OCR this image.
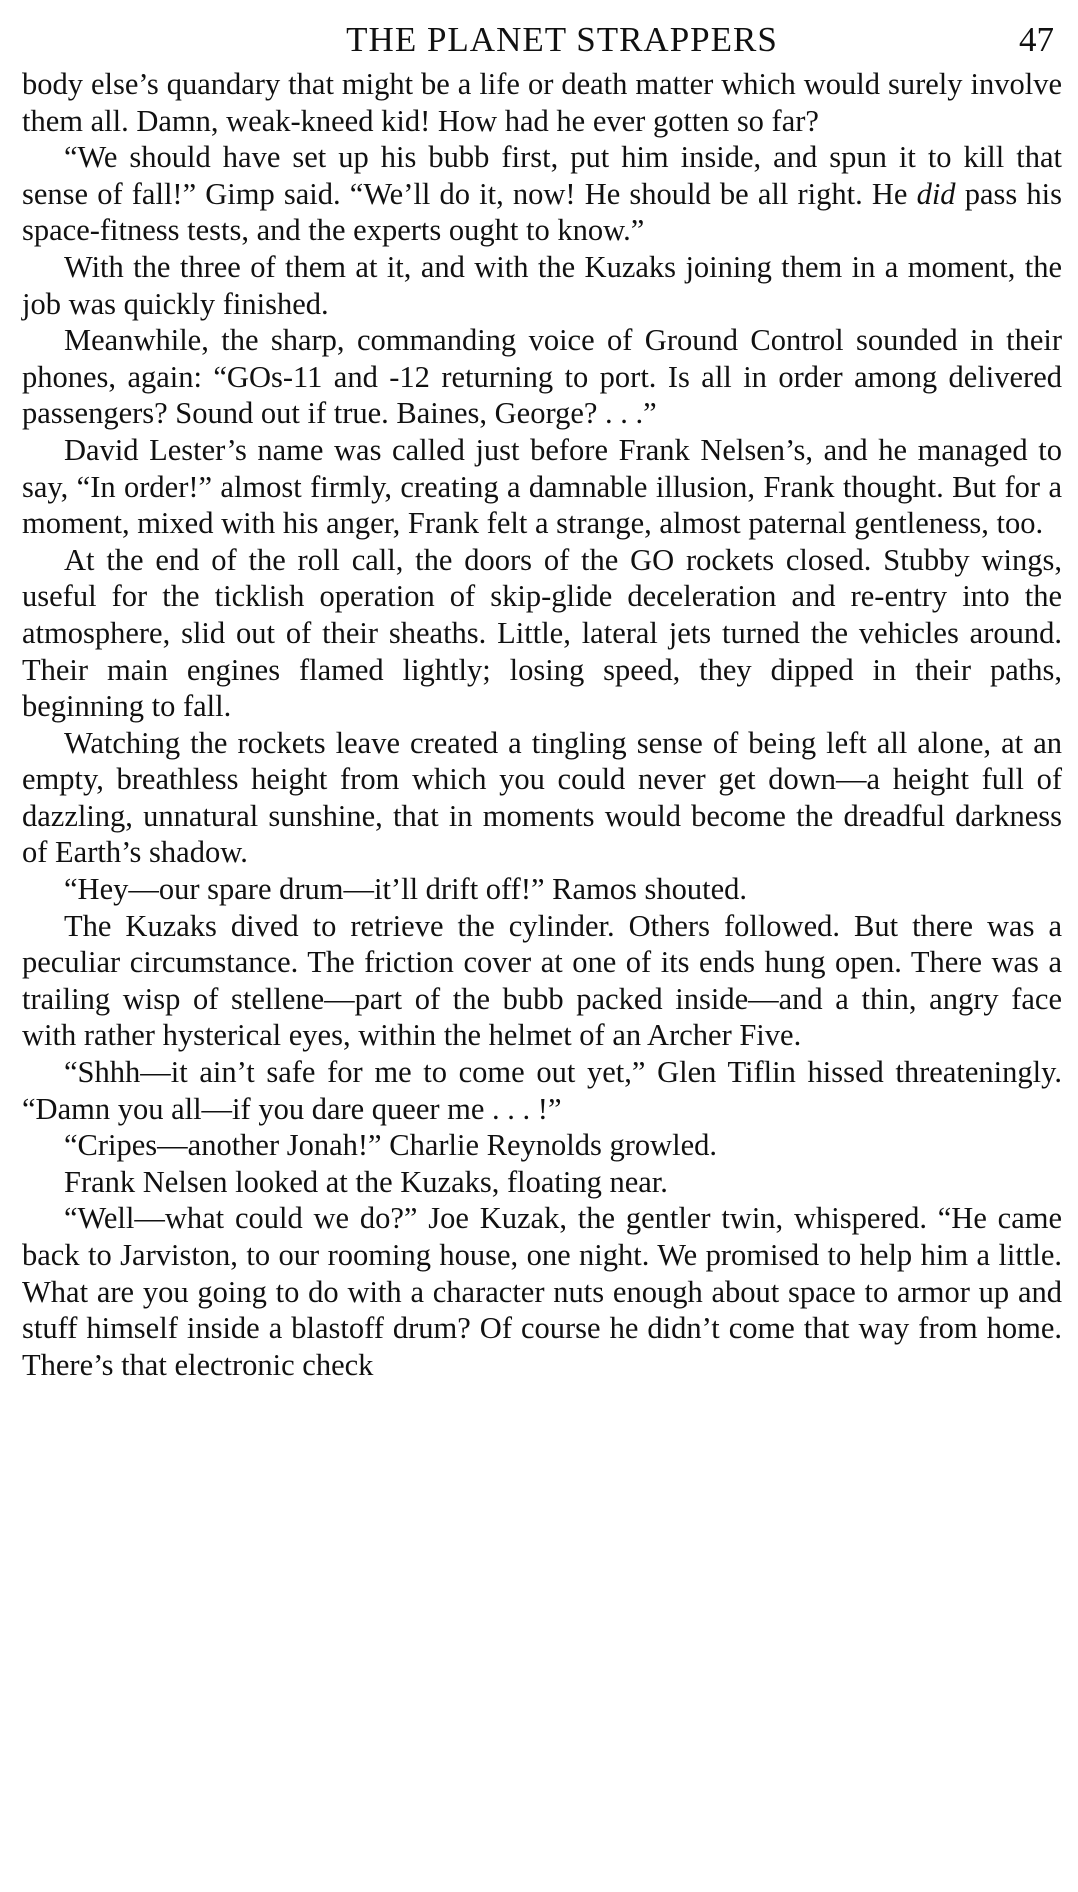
THE PLANET STRAPPERS	47

body else’s quandary that might be a life or death matter which would surely involve them all. Damn, weak-kneed kid! How had he ever gotten so far?

“We should have set up his bubb first, put him inside, and spun it to kill that sense of fall!” Gimp said. “We’ll do it, now! He should be all right. He did pass his space-fitness tests, and the experts ought to know.”

With the three of them at it, and with the Kuzaks joining them in a moment, the job was quickly finished.

Meanwhile, the sharp, commanding voice of Ground Control sounded in their phones, again: “GOs-11 and -12 returning to port. Is all in order among delivered passengers? Sound out if true. Baines, George? . . .”

David Lester’s name was called just before Frank Nelsen’s, and he managed to say, “In order!” almost firmly, creating a damnable illusion, Frank thought. But for a moment, mixed with his anger, Frank felt a strange, almost paternal gentleness, too.

At the end of the roll call, the doors of the GO rockets closed. Stubby wings, useful for the ticklish operation of skip-glide deceleration and re-entry into the atmosphere, slid out of their sheaths. Little, lateral jets turned the vehicles around. Their main engines flamed lightly; losing speed, they dipped in their paths, beginning to fall.

Watching the rockets leave created a tingling sense of being left all alone, at an empty, breathless height from which you could never get down—a height full of dazzling, unnatural sunshine, that in moments would become the dreadful darkness of Earth’s shadow.

“Hey—our spare drum—it’ll drift off!” Ramos shouted.

The Kuzaks dived to retrieve the cylinder. Others followed. But there was a peculiar circumstance. The friction cover at one of its ends hung open. There was a trailing wisp of stellene—part of the bubb packed inside—and a thin, angry face with rather hysterical eyes, within the helmet of an Archer Five.

“Shhh—it ain’t safe for me to come out yet,” Glen Tiflin hissed threateningly. “Damn you all—if you dare queer me . . . !”

“Cripes—another Jonah!” Charlie Reynolds growled.

Frank Nelsen looked at the Kuzaks, floating near.

“Well—what could we do?” Joe Kuzak, the gentler twin, whispered. “He came back to Jarviston, to our rooming house, one night. We promised to help him a little. What are you going to do with a character nuts enough about space to armor up and stuff himself inside a blastoff drum? Of course he didn’t come that way from home. There’s that electronic check
